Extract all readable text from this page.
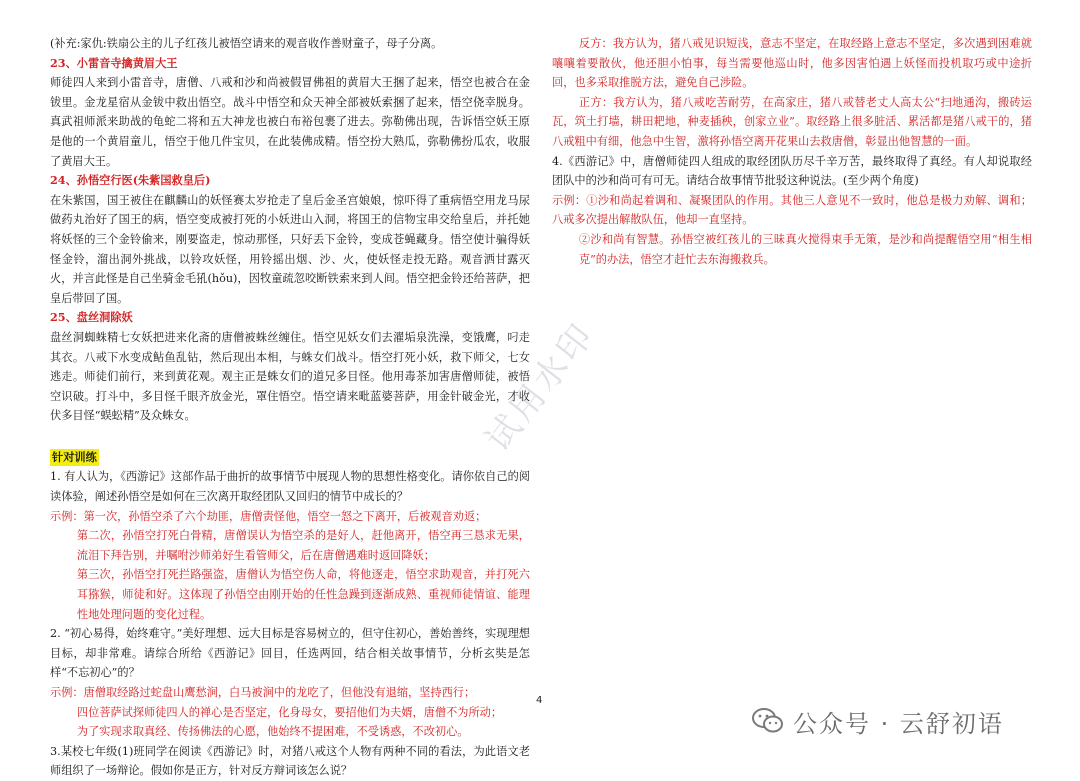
(补充:家仇:铁扇公主的儿子红孩儿被悟空请来的观音收作善财童子，母子分离。

23、小雷音寺擒黄眉大王

师徒四人来到小雷音寺，唐僧、八戒和沙和尚被假冒佛祖的黄眉大王捆了起来，悟空也被合在金钹里。金龙星宿从金钹中救出悟空。战斗中悟空和众天神全部被妖索捆了起来，悟空侥幸脱身。真武祖师派来助战的龟蛇二将和五大神龙也被白布裕包裹了进去。弥勒佛出现，告诉悟空妖王原是他的一个黄眉童儿，悟空于他几件宝贝，在此装佛成精。悟空扮大熟瓜，弥勒佛扮瓜农，收服了黄眉大王。

24、孙悟空行医(朱紫国救皇后)

在朱紫国，国王被住在麒麟山的妖怪赛太岁抢走了皇后金圣宫娘娘，惊吓得了重病悟空用龙马尿做药丸治好了国王的病，悟空变成被打死的小妖进山入洞，将国王的信物宝串交给皇后，并托她将妖怪的三个金铃偷来，刚要盗走，惊动那怪，只好丢下金铃，变成苍蝇藏身。悟空使计骗得妖怪金铃，溜出洞外挑战，以铃攻妖怪，用铃摇出烟、沙、火，使妖怪走投无路。观音洒甘露灭火，并言此怪是自己坐骑金毛犼(hǒu)，因牧童疏忽咬断铁索来到人间。悟空把金铃还给菩萨，把皇后带回了国。

25、盘丝洞除妖

盘丝洞蜘蛛精七女妖把进来化斋的唐僧被蛛丝缠住。悟空见妖女们去濯垢泉洗澡，变饿鹰，叼走其衣。八戒下水变成鲇鱼乱钻，然后现出本相，与蛛女们战斗。悟空打死小妖，救下师父，七女逃走。师徒们前行，来到黄花观。观主正是蛛女们的道兄多目怪。他用毒茶加害唐僧师徒，被悟空识破。打斗中，多目怪千眼齐放金光，罩住悟空。悟空请来毗蓝婆菩萨，用金针破金光，才收伏多目怪“蜈蚣精”及众蛛女。

针对训练

1. 有人认为，《西游记》这部作品于曲折的故事情节中展现人物的思想性格变化。请你依自己的阅读体验，阐述孙悟空是如何在三次离开取经团队又回归的情节中成长的？

示例：第一次，孙悟空杀了六个劫匪，唐僧责怪他，悟空一怒之下离开，后被观音劝返；

第二次，孙悟空打死白骨精，唐僧误认为悟空杀的是好人，赶他离开，悟空再三恳求无果，流泪下拜告别，并嘱咐沙师弟好生看管师父，后在唐僧遇难时返回降妖；

第三次，孙悟空打死拦路强盗，唐僧认为悟空伤人命，将他逐走，悟空求助观音，并打死六耳猕猴，师徒和好。这体现了孙悟空由刚开始的任性急躁到逐渐成熟、重视师徒情谊、能理性地处理问题的变化过程。

2. “初心易得，始终难守。”美好理想、远大目标是容易树立的，但守住初心，善始善终，实现理想目标，却非常难。请综合所给《西游记》回目，任选两回，结合相关故事情节，分析玄奘是怎样“不忘初心”的？

示例：唐僧取经路过蛇盘山鹰愁涧，白马被涧中的龙吃了，但他没有退缩，坚持西行；

四位菩萨试探师徒四人的禅心是否坚定，化身母女，要招他们为夫婿，唐僧不为所动；

为了实现求取真经、传扬佛法的心愿，他始终不提困难，不受诱惑，不改初心。

3.某校七年级(1)班同学在阅读《西游记》时，对猪八戒这个人物有两种不同的看法，为此语文老师组织了一场辩论。假如你是正方，针对反方辩词该怎么说？

反方：我方认为，猪八戒见识短浅，意志不坚定，在取经路上意志不坚定，多次遇到困难就嚷嚷着要散伙，他还胆小怕事，每当需要他巡山时，他多因害怕遇上妖怪而投机取巧或中途折回，也多采取推脱方法，避免自己涉险。

正方：我方认为，猪八戒吃苦耐劳，在高家庄，猪八戒替老丈人高太公“扫地通沟，搬砖运瓦，筑土打墙，耕田耙地，种麦插秧，创家立业”。取经路上很多脏活、累活都是猪八戒干的，猪八戒粗中有细，他急中生智，激将孙悟空离开花果山去救唐僧，彰显出他智慧的一面。

4.《西游记》中，唐僧师徒四人组成的取经团队历尽千辛万苦，最终取得了真经。有人却说取经团队中的沙和尚可有可无。请结合故事情节批驳这种说法。(至少两个角度)

示例：①沙和尚起着调和、凝聚团队的作用。其他三人意见不一致时，他总是极力劝解、调和；八戒多次提出解散队伍，他却一直坚持。

②沙和尚有智慧。孙悟空被红孩儿的三昧真火搅得束手无策，是沙和尚提醒悟空用“相生相克”的办法，悟空才赶忙去东海搬救兵。

试用水印
4
公众号 · 云舒初语
